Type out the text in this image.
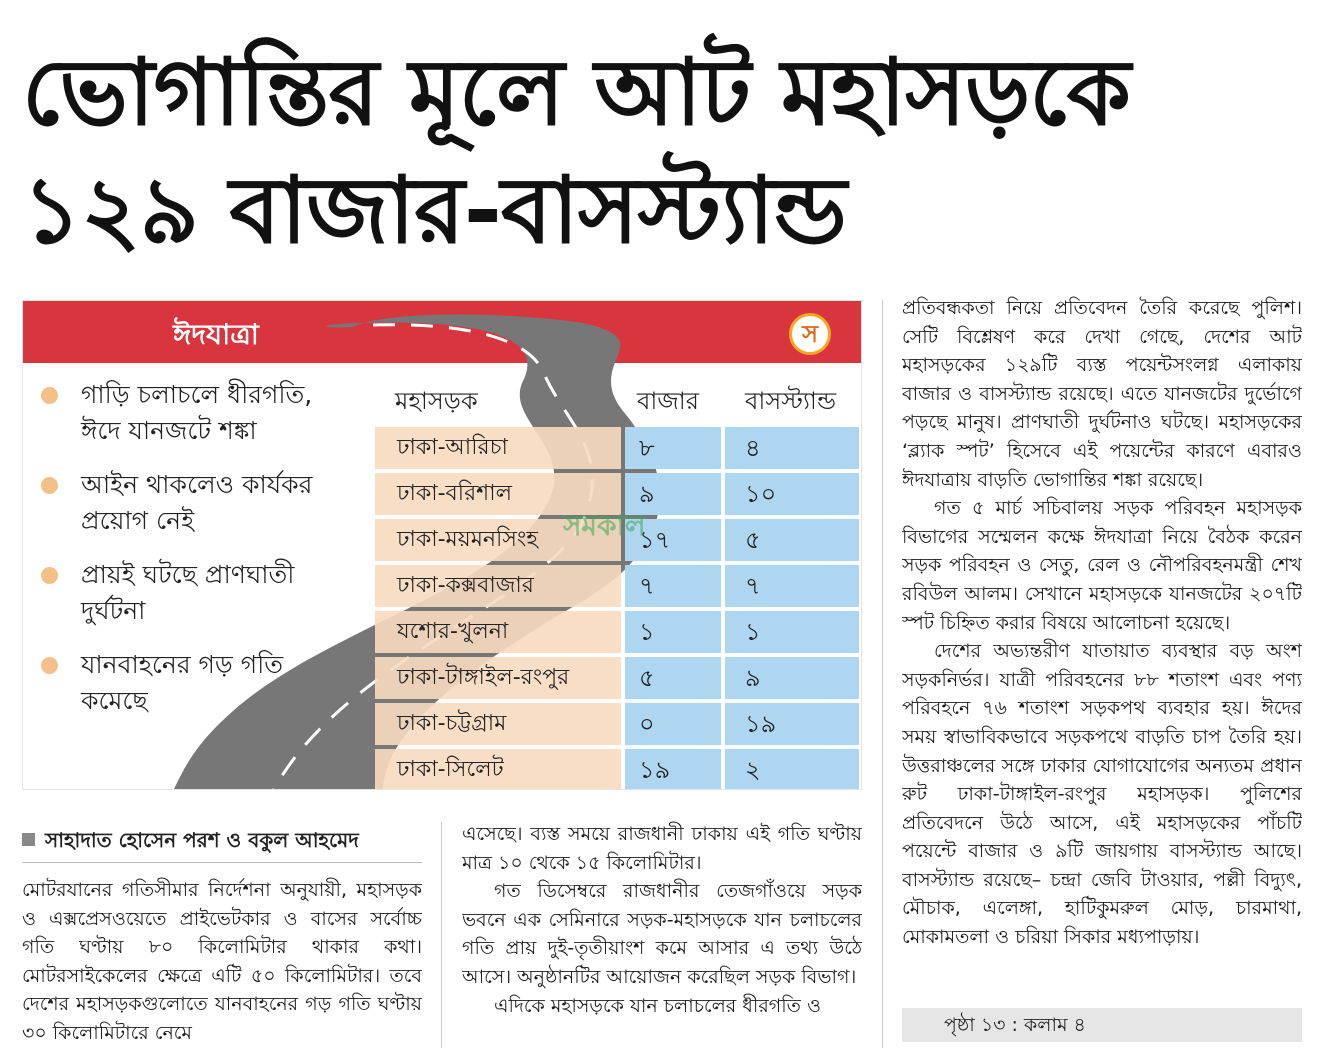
ভোগান্তির মূলে আট মহাসড়কে
১২৯ বাজার-বাসস্ট্যান্ড
ঈদযাত্রা	স
গাড়ি চলাচলে ধীরগতি, ঈদে যানজটে শঙ্কা
আইন থাকলেও কার্যকর প্রয়োগ নেই
প্রায়ই ঘটছে প্রাণঘাতী দুর্ঘটনা
যানবাহনের গড় গতি কমেছে
মহাসড়ক	বাজার বাসস্ট্যান্ড
ঢাকা-আরিচা	৮	৪
ঢাকা-বরিশাল	৯	১০
ঢাকা-ময়মনসিংহ	১৭	৫
ঢাকা-কক্সবাজার	৭	৭
যশোর-খুলনা	১	১
ঢাকা-টাঙ্গাইল-রংপুর	৫	৯
ঢাকা-চট্টগ্রাম	০	১৯
ঢাকা-সিলেট	১৯	২
সমকাল
সাহাদাত হোসেন পরশ ও বকুল আহমেদ

মোটরযানের গতিসীমার নির্দেশনা অনুযায়ী, মহাসড়ক ও এক্সপ্রেসওয়েতে প্রাইভেটকার ও বাসের সর্বোচ্চ গতি ঘণ্টায় ৮০ কিলোমিটার থাকার কথা। মোটরসাইকেলের ক্ষেত্রে এটি ৫০ কিলোমিটার। তবে দেশের মহাসড়কগুলোতে যানবাহনের গড় গতি ঘণ্টায় ৩০ কিলোমিটারে নেমে

এসেছে। ব্যস্ত সময়ে রাজধানী ঢাকায় এই গতি ঘণ্টায় মাত্র ১০ থেকে ১৫ কিলোমিটার।

গত ডিসেম্বরে রাজধানীর তেজগাঁওয়ে সড়ক ভবনে এক সেমিনারে সড়ক-মহাসড়কে যান চলাচলের গতি প্রায় দুই-তৃতীয়াংশ কমে আসার এ তথ্য উঠে আসে। অনুষ্ঠানটির আয়োজন করেছিল সড়ক বিভাগ।

এদিকে মহাসড়কে যান চলাচলের ধীরগতি ও

প্রতিবন্ধকতা নিয়ে প্রতিবেদন তৈরি করেছে পুলিশ। সেটি বিশ্লেষণ করে দেখা গেছে, দেশের আট মহাসড়কের ১২৯টি ব্যস্ত পয়েন্টসংলগ্ন এলাকায় বাজার ও বাসস্ট্যান্ড রয়েছে। এতে যানজটের দুর্ভোগে পড়ছে মানুষ। প্রাণঘাতী দুর্ঘটনাও ঘটছে। মহাসড়কের ‘ব্ল্যাক স্পট’ হিসেবে এই পয়েন্টের কারণে এবারও ঈদযাত্রায় বাড়তি ভোগান্তির শঙ্কা রয়েছে।

গত ৫ মার্চ সচিবালয় সড়ক পরিবহন মহাসড়ক বিভাগের সম্মেলন কক্ষে ঈদযাত্রা নিয়ে বৈঠক করেন সড়ক পরিবহন ও সেতু, রেল ও নৌপরিবহনমন্ত্রী শেখ রবিউল আলম। সেখানে মহাসড়কে যানজটের ২০৭টি স্পট চিহ্নিত করার বিষয়ে আলোচনা হয়েছে।

দেশের অভ্যন্তরীণ যাতায়াত ব্যবস্থার বড় অংশ সড়কনির্ভর। যাত্রী পরিবহনের ৮৮ শতাংশ এবং পণ্য পরিবহনে ৭৬ শতাংশ সড়কপথ ব্যবহার হয়। ঈদের সময় স্বাভাবিকভাবে সড়কপথে বাড়তি চাপ তৈরি হয়। উত্তরাঞ্চলের সঙ্গে ঢাকার যোগাযোগের অন্যতম প্রধান রুট ঢাকা-টাঙ্গাইল-রংপুর মহাসড়ক। পুলিশের প্রতিবেদনে উঠে আসে, এই মহাসড়কের পাঁচটি পয়েন্টে বাজার ও ৯টি জায়গায় বাসস্ট্যান্ড আছে। বাসস্ট্যান্ড রয়েছে– চন্দ্রা জেবি টাওয়ার, পল্লী বিদ্যুৎ, মৌচাক, এলেঙ্গা, হাটিকুমরুল মোড়, চারমাথা, মোকামতলা ও চরিয়া সিকার মধ্যপাড়ায়।

পৃষ্ঠা ১৩ : কলাম ৪
